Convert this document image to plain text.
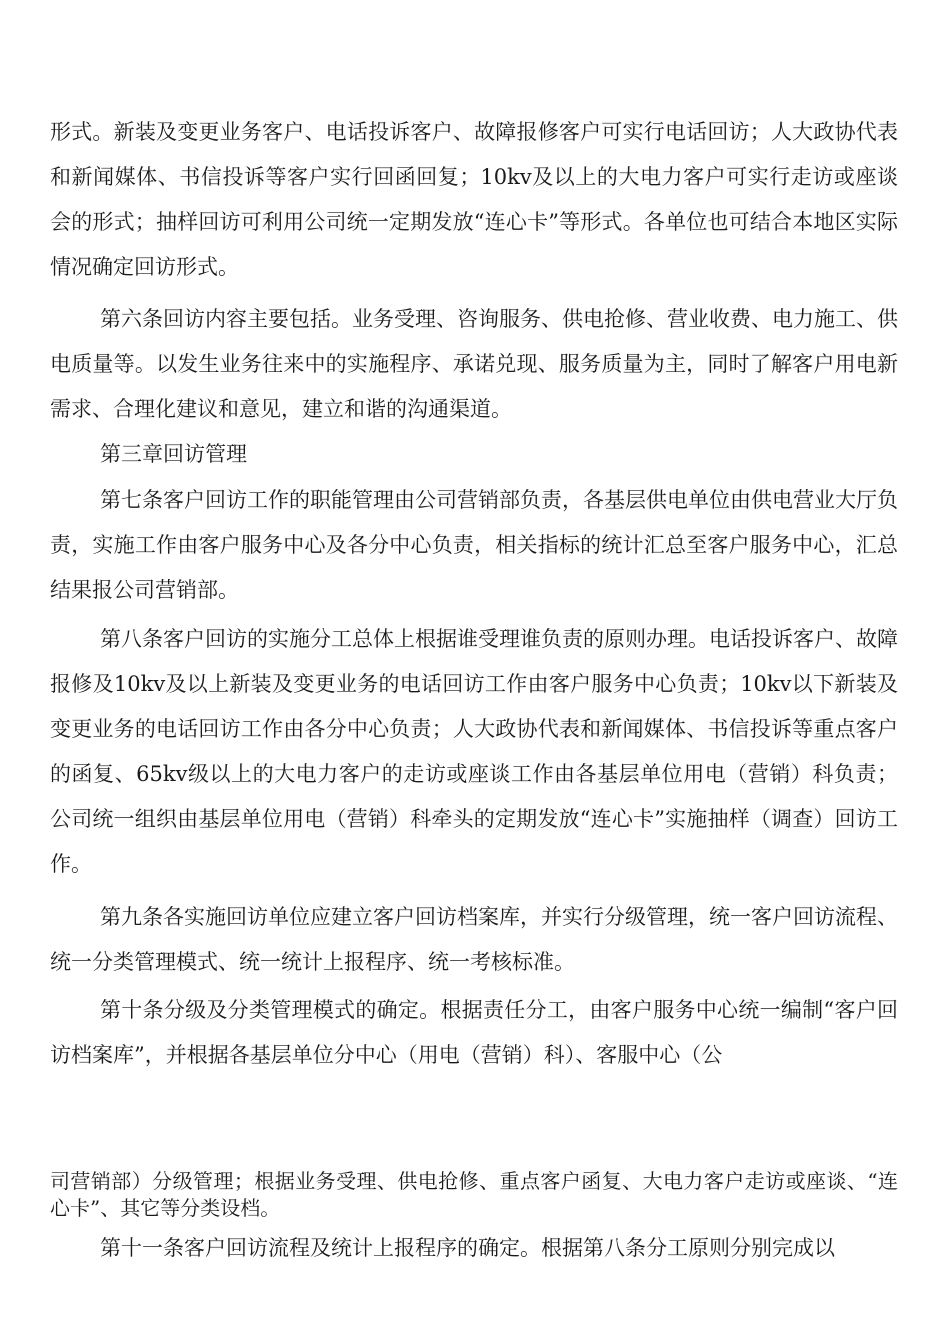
形式。新装及变更业务客户、电话投诉客户、故障报修客户可实行电话回访；人大政协代表和新闻媒体、书信投诉等客户实行回函回复；10kv及以上的大电力客户可实行走访或座谈会的形式；抽样回访可利用公司统一定期发放“连心卡”等形式。各单位也可结合本地区实际情况确定回访形式。

第六条回访内容主要包括。业务受理、咨询服务、供电抢修、营业收费、电力施工、供电质量等。以发生业务往来中的实施程序、承诺兑现、服务质量为主，同时了解客户用电新需求、合理化建议和意见，建立和谐的沟通渠道。

第三章回访管理

第七条客户回访工作的职能管理由公司营销部负责，各基层供电单位由供电营业大厅负责，实施工作由客户服务中心及各分中心负责，相关指标的统计汇总至客户服务中心，汇总结果报公司营销部。

第八条客户回访的实施分工总体上根据谁受理谁负责的原则办理。电话投诉客户、故障报修及10kv及以上新装及变更业务的电话回访工作由客户服务中心负责；10kv以下新装及变更业务的电话回访工作由各分中心负责；人大政协代表和新闻媒体、书信投诉等重点客户的函复、65kv级以上的大电力客户的走访或座谈工作由各基层单位用电（营销）科负责；公司统一组织由基层单位用电（营销）科牵头的定期发放“连心卡”实施抽样（调查）回访工作。

第九条各实施回访单位应建立客户回访档案库，并实行分级管理，统一客户回访流程、统一分类管理模式、统一统计上报程序、统一考核标准。

第十条分级及分类管理模式的确定。根据责任分工，由客户服务中心统一编制“客户回访档案库”，并根据各基层单位分中心（用电（营销）科）、客服中心（公

司营销部）分级管理；根据业务受理、供电抢修、重点客户函复、大电力客户走访或座谈、“连心卡”、其它等分类设档。

第十一条客户回访流程及统计上报程序的确定。根据第八条分工原则分别完成以
